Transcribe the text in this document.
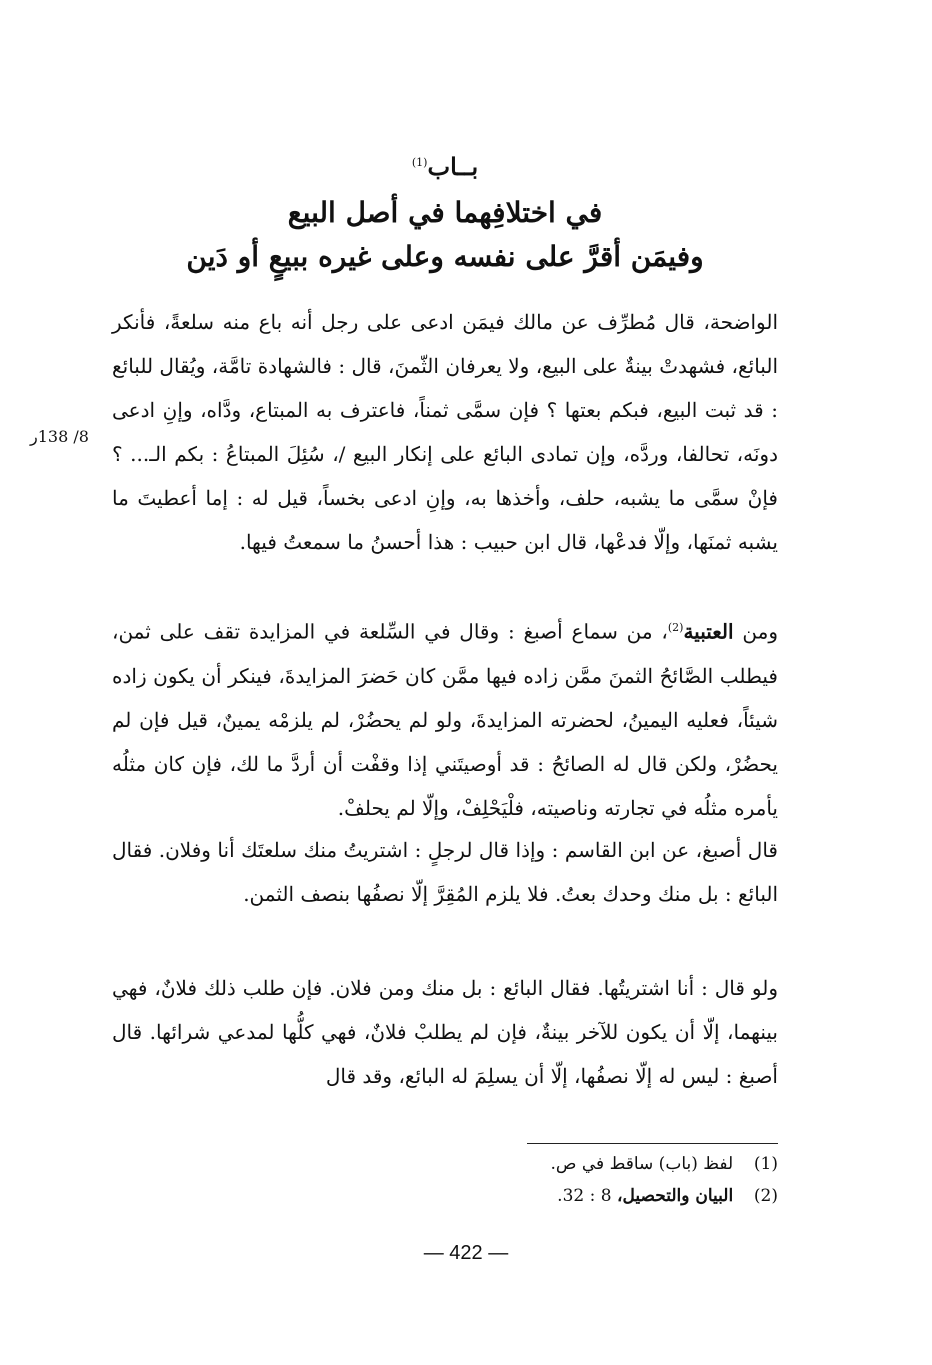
بــاب$^{(1)}$
في اختلافِهما في أصل البيع
وفيمَن أقرَّ على نفسه وعلى غيره ببيعٍ أو دَين

الواضحة، قال مُطرِّف عن مالك فيمَن ادعى على رجل أنه باع منه سلعةً، فأنكر البائع، فشهدتْ بينةٌ على البيع، ولا يعرفان الثّمنَ، قال : فالشهادة تامَّة، ويُقال للبائع : قد ثبت البيع، فبكم بعتها ؟ فإن سمَّى ثمناً، فاعترف به المبتاع، ودَّاه، وإنِ ادعى دونَه، تحالفا، وردَّه، وإن تمادى البائع على إنكار البيع /، سُئِلَ المبتاعُ : بكم الـ... ؟ فإنْ سمَّى ما يشبه، حلف، وأخذها به، وإنِ ادعى بخساً، قيل له : إما أعطيتَ ما يشبه ثمنَها، وإلّا فدعْها، قال ابن حبيب : هذا أحسنُ ما سمعتُ فيها.

ومن العتبية$^{(2)}$، من سماع أصبغ : وقال في السِّلعة في المزايدة تقف على ثمن، فيطلب الصَّائحُ الثمنَ ممَّن زاده فيها ممَّن كان حَضرَ المزايدةَ، فينكر أن يكون زاده شيئاً، فعليه اليمينُ، لحضرته المزايدةَ، ولو لم يحضُرْ، لم يلزمْه يمينٌ، قيل فإن لم يحضُرْ، ولكن قال له الصائحُ : قد أوصيتَني إذا وقفْت أن أردَّ ما لك، فإن كان مثلُه يأمره مثلُه في تجارته وناصيته، فلْيَحْلِفْ، وإلّا لم يحلفْ.

قال أصبغ، عن ابن القاسم : وإذا قال لرجلٍ : اشتريتُ منك سلعتَك أنا وفلان. فقال البائع : بل منك وحدك بعتُ. فلا يلزم المُقِرَّ إلّا نصفُها بنصف الثمن.

ولو قال : أنا اشتريتُها. فقال البائع : بل منك ومن فلان. فإن طلب ذلك فلانٌ، فهي بينهما، إلّا أن يكون للآخر بينةٌ، فإن لم يطلبْ فلانٌ، فهي كلُّها لمدعي شرائها. قال أصبغ : ليس له إلّا نصفُها، إلّا أن يسلِمَ له البائع، وقد قال

8/ 138ر

(1)  لفظ (باب) ساقط في ص.

(2)  البيان والتحصيل، 8 : 32.

— 422 —
